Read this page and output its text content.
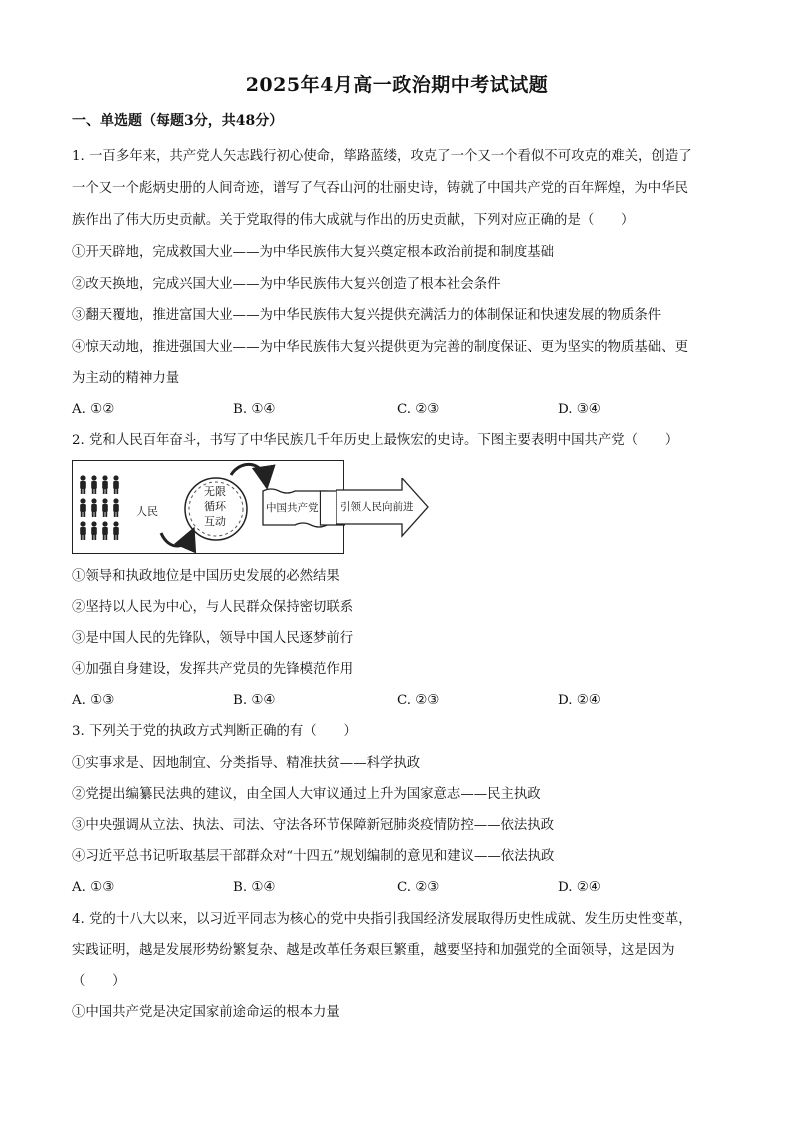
2025年4月高一政治期中考试试题
一、单选题（每题3分，共48分）
1. 一百多年来，共产党人矢志践行初心使命，筚路蓝缕，攻克了一个又一个看似不可攻克的难关，创造了
一个又一个彪炳史册的人间奇迹，谱写了气吞山河的壮丽史诗，铸就了中国共产党的百年辉煌，为中华民
族作出了伟大历史贡献。关于党取得的伟大成就与作出的历史贡献，下列对应正确的是（　　）
①开天辟地，完成救国大业——为中华民族伟大复兴奠定根本政治前提和制度基础
②改天换地，完成兴国大业——为中华民族伟大复兴创造了根本社会条件
③翻天覆地，推进富国大业——为中华民族伟大复兴提供充满活力的体制保证和快速发展的物质条件
④惊天动地，推进强国大业——为中华民族伟大复兴提供更为完善的制度保证、更为坚实的物质基础、更
为主动的精神力量
A. ①②	B. ①④	C. ②③	D. ③④
2. 党和人民百年奋斗，书写了中华民族几千年历史上最恢宏的史诗。下图主要表明中国共产党（　　）
人民
无限
循环
互动
中国共产党 引领人民向前进
①领导和执政地位是中国历史发展的必然结果
②坚持以人民为中心，与人民群众保持密切联系
③是中国人民的先锋队，领导中国人民逐梦前行
④加强自身建设，发挥共产党员的先锋模范作用
A. ①③	B. ①④	C. ②③	D. ②④
3. 下列关于党的执政方式判断正确的有（　　）
①实事求是、因地制宜、分类指导、精准扶贫——科学执政
②党提出编纂民法典的建议，由全国人大审议通过上升为国家意志——民主执政
③中央强调从立法、执法、司法、守法各环节保障新冠肺炎疫情防控——依法执政
④习近平总书记听取基层干部群众对“十四五”规划编制的意见和建议——依法执政
A. ①③	B. ①④	C. ②③	D. ②④
4. 党的十八大以来，以习近平同志为核心的党中央指引我国经济发展取得历史性成就、发生历史性变革，
实践证明，越是发展形势纷繁复杂、越是改革任务艰巨繁重，越要坚持和加强党的全面领导，这是因为
（　　）
①中国共产党是决定国家前途命运的根本力量
